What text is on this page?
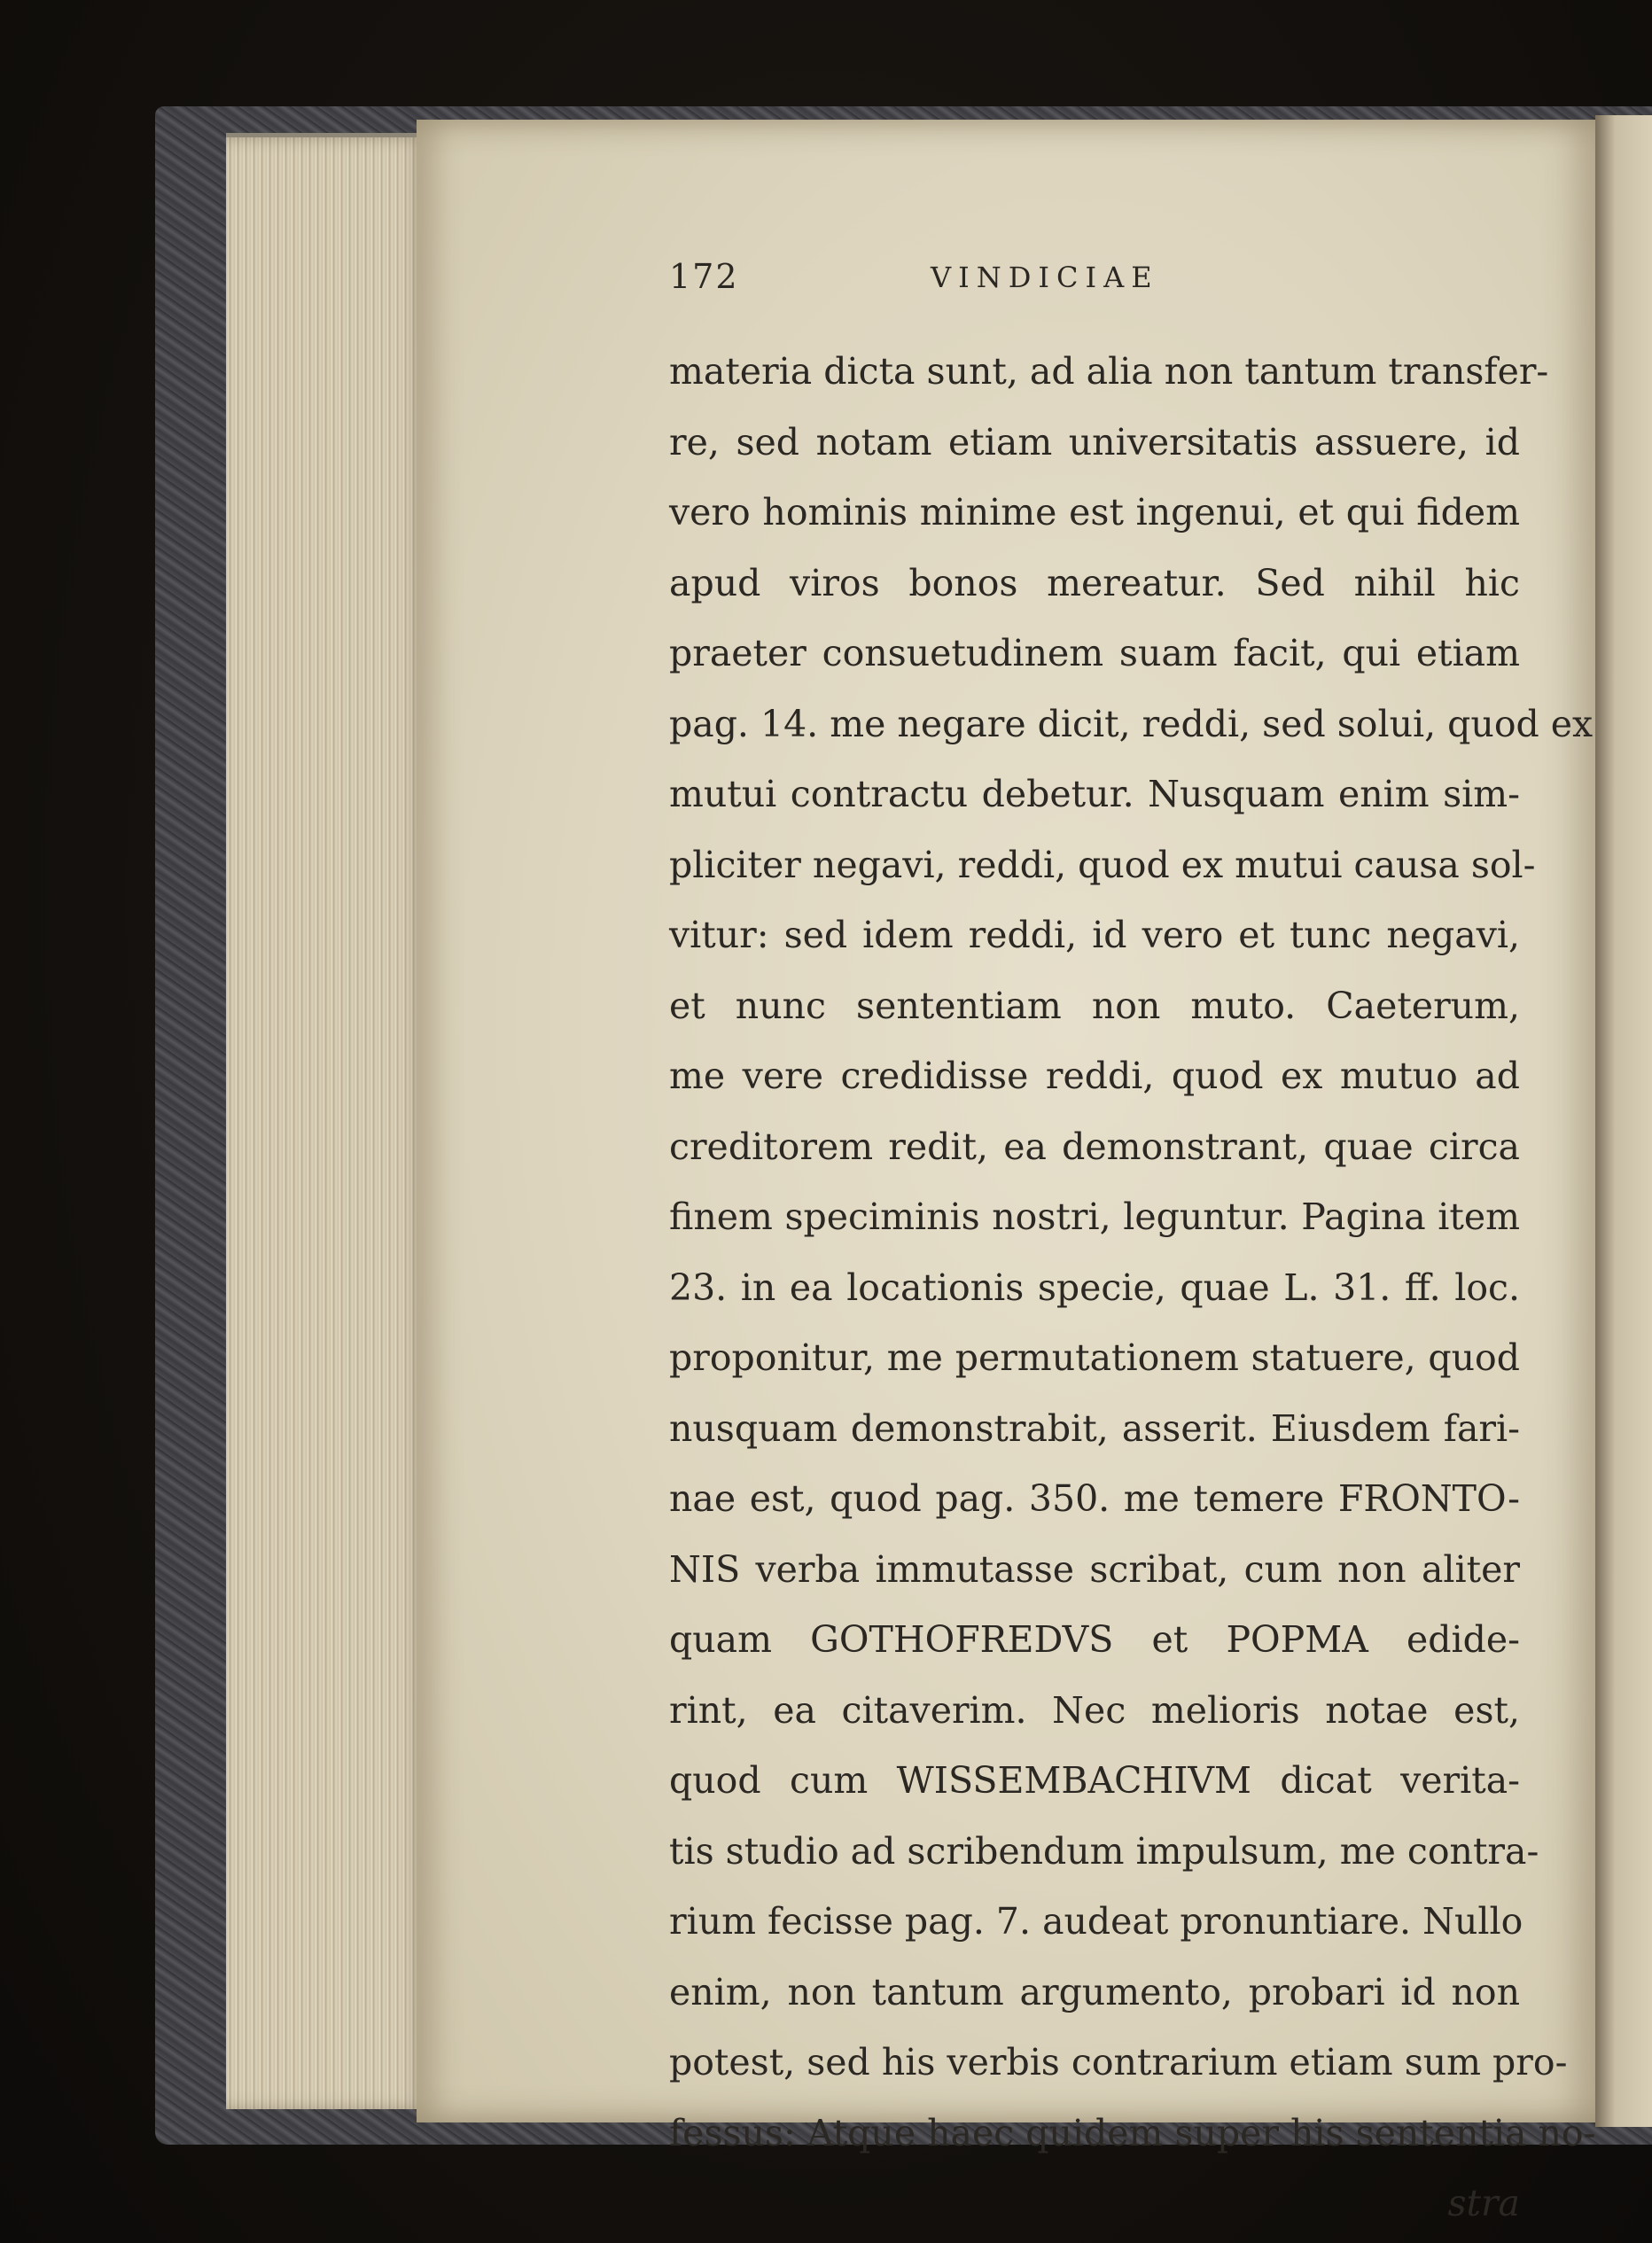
172	VINDICIAE
materia dicta sunt, ad alia non tantum transfer-
re, sed notam etiam universitatis assuere, id
vero hominis minime est ingenui, et qui fidem
apud viros bonos mereatur. Sed nihil hic
praeter consuetudinem suam facit, qui etiam
pag. 14. me negare dicit, reddi, sed solui, quod ex
mutui contractu debetur. Nusquam enim sim-
pliciter negavi, reddi, quod ex mutui causa sol-
vitur: sed idem reddi, id vero et tunc negavi,
et nunc sententiam non muto. Caeterum,
me vere credidisse reddi, quod ex mutuo ad
creditorem redit, ea demonstrant, quae circa
finem speciminis nostri, leguntur. Pagina item
23. in ea locationis specie, quae L. 31. ff. loc.
proponitur, me permutationem statuere, quod
nusquam demonstrabit, asserit. Eiusdem fari-
nae est, quod pag. 350. me temere FRONTO-
NIS verba immutasse scribat, cum non aliter
quam GOTHOFREDVS et POPMA edide-
rint, ea citaverim. Nec melioris notae est,
quod cum WISSEMBACHIVM dicat verita-
tis studio ad scribendum impulsum, me contra-
rium fecisse pag. 7. audeat pronuntiare. Nullo
enim, non tantum argumento, probari id non
potest, sed his verbis contrarium etiam sum pro-
fessus: Atque haec quidem super his sententia no-
stra
